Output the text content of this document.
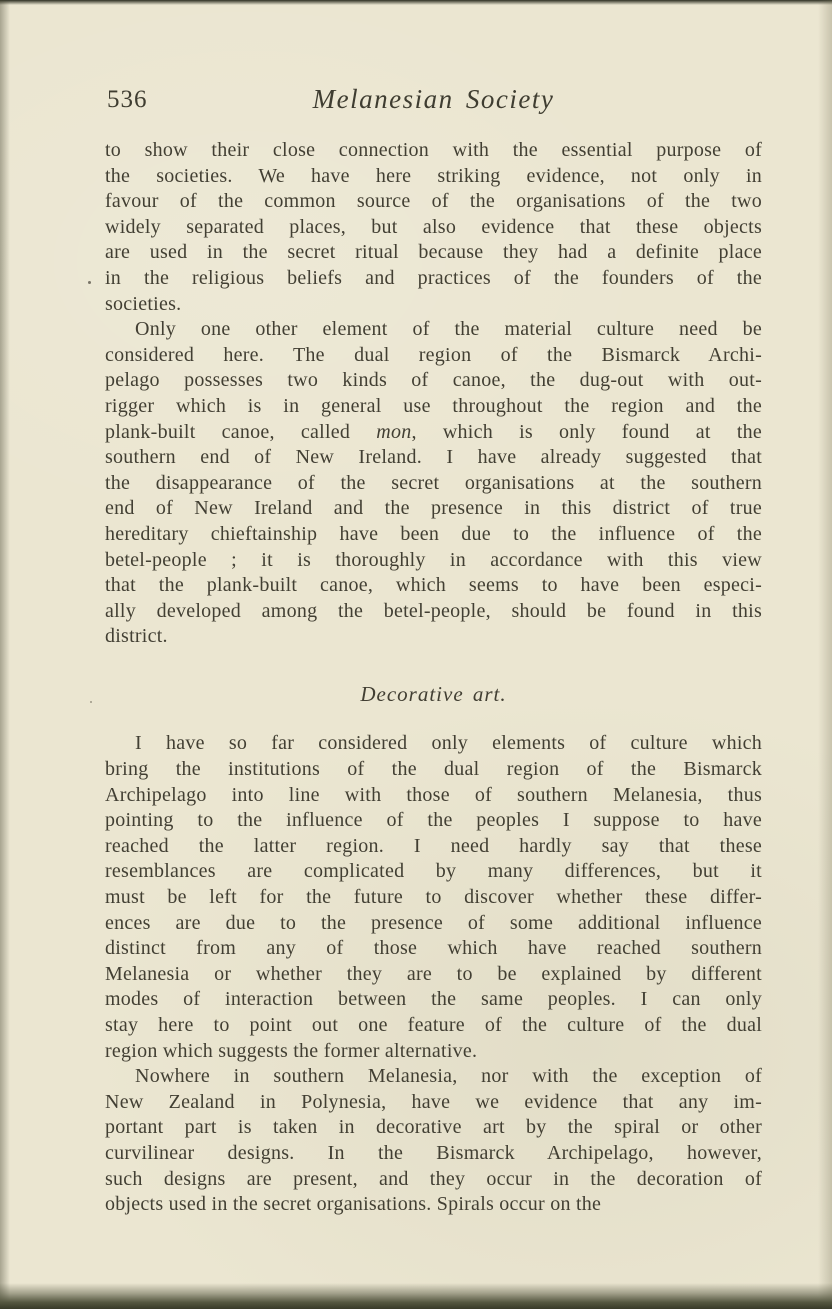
536	Melanesian Society
to show their close connection with the essential purpose of
the societies. We have here striking evidence, not only in
favour of the common source of the organisations of the two
widely separated places, but also evidence that these objects
are used in the secret ritual because they had a definite place
in the religious beliefs and practices of the founders of the
societies.
Only one other element of the material culture need be
considered here. The dual region of the Bismarck Archi-
pelago possesses two kinds of canoe, the dug-out with out-
rigger which is in general use throughout the region and the
plank-built canoe, called mon, which is only found at the
southern end of New Ireland. I have already suggested that
the disappearance of the secret organisations at the southern
end of New Ireland and the presence in this district of true
hereditary chieftainship have been due to the influence of the
betel-people ; it is thoroughly in accordance with this view
that the plank-built canoe, which seems to have been especi-
ally developed among the betel-people, should be found in this
district.
Decorative art.
I have so far considered only elements of culture which
bring the institutions of the dual region of the Bismarck
Archipelago into line with those of southern Melanesia, thus
pointing to the influence of the peoples I suppose to have
reached the latter region. I need hardly say that these
resemblances are complicated by many differences, but it
must be left for the future to discover whether these differ-
ences are due to the presence of some additional influence
distinct from any of those which have reached southern
Melanesia or whether they are to be explained by different
modes of interaction between the same peoples. I can only
stay here to point out one feature of the culture of the dual
region which suggests the former alternative.
Nowhere in southern Melanesia, nor with the exception of
New Zealand in Polynesia, have we evidence that any im-
portant part is taken in decorative art by the spiral or other
curvilinear designs. In the Bismarck Archipelago, however,
such designs are present, and they occur in the decoration of
objects used in the secret organisations. Spirals occur on the
